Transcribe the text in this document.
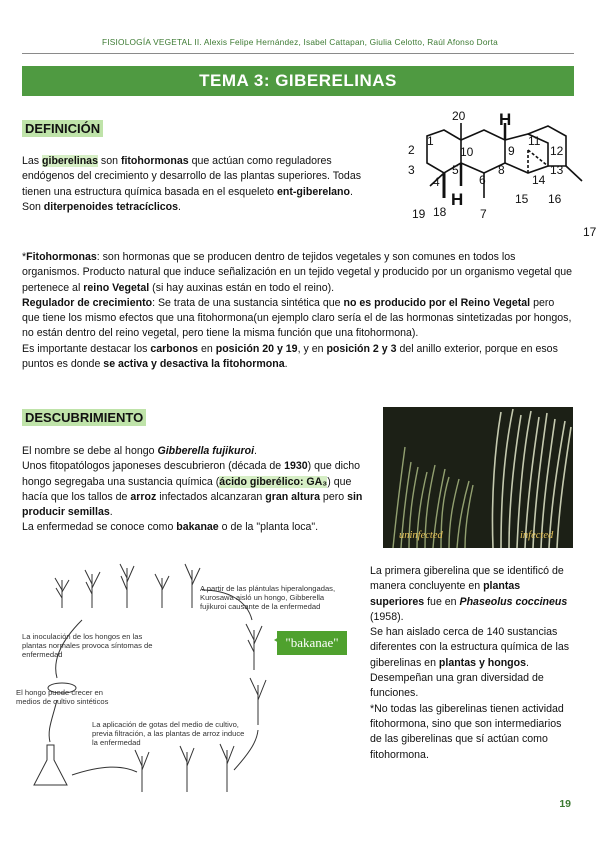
FISIOLOGÍA VEGETAL II. Alexis Felipe Hernández, Isabel Cattapan, Giulia Celotto, Raúl Afonso Dorta
TEMA 3: GIBERELINAS
DEFINICIÓN

Las giberelinas son fitohormonas que actúan como reguladores endógenos del crecimiento y desarrollo de las plantas superiores. Todas tienen una estructura química basada en el esqueleto ent-giberelano.

Son diterpenoides tetracíclicos.

*Fitohormonas: son hormonas que se producen dentro de tejidos vegetales y son comunes en todos los organismos. Producto natural que induce señalización en un tejido vegetal y producido por un organismo vegetal que pertenece al reino Vegetal (si hay auxinas están en todo el reino).

Regulador de crecimiento: Se trata de una sustancia sintética que no es producido por el Reino Vegetal pero que tiene los mismo efectos que una fitohormona(un ejemplo claro sería el de las hormonas sintetizadas por hongos, no están dentro del reino vegetal, pero tiene la misma función que una fitohormona).

Es importante destacar los carbonos en posición 20 y 19, y en posición 2 y 3 del anillo exterior, porque en esos puntos es donde se activa y desactiva la fitohormona.

20
1
2
3
4
5
10	9
8
6
7
11
12
13
14
15 16
17
18
19
H
H
DESCUBRIMIENTO

El nombre se debe al hongo Gibberella fujikuroi.

Unos fitopatólogos japoneses descubrieron (década de 1930) que dicho hongo segregaba una sustancia química (ácido giberélico: GA₃) que hacía que los tallos de arroz infectados alcanzaran gran altura pero sin producir semillas.

La enfermedad se conoce como bakanae o de la "planta loca".

uninfected	infected
A partir de las plántulas hiperalongadas, Kurosawa aisló un hongo, Gibberella fujikuroi causante de la enfermedad
La inoculación de los hongos en las plantas normales provoca síntomas de enfermedad
El hongo puede crecer en medios de cultivo sintéticos
La aplicación de gotas del medio de cultivo, previa filtración, a las plantas de arroz induce la enfermedad
"bakanae"

La primera giberelina que se identificó de manera concluyente en plantas superiores fue en Phaseolus coccineus (1958).

Se han aislado cerca de 140 sustancias diferentes con la estructura química de las giberelinas en plantas y hongos.

Desempeñan una gran diversidad de funciones.

*No todas las giberelinas tienen actividad fitohormona, sino que son intermediarios de las giberelinas que sí actúan como fitohormona.

19
